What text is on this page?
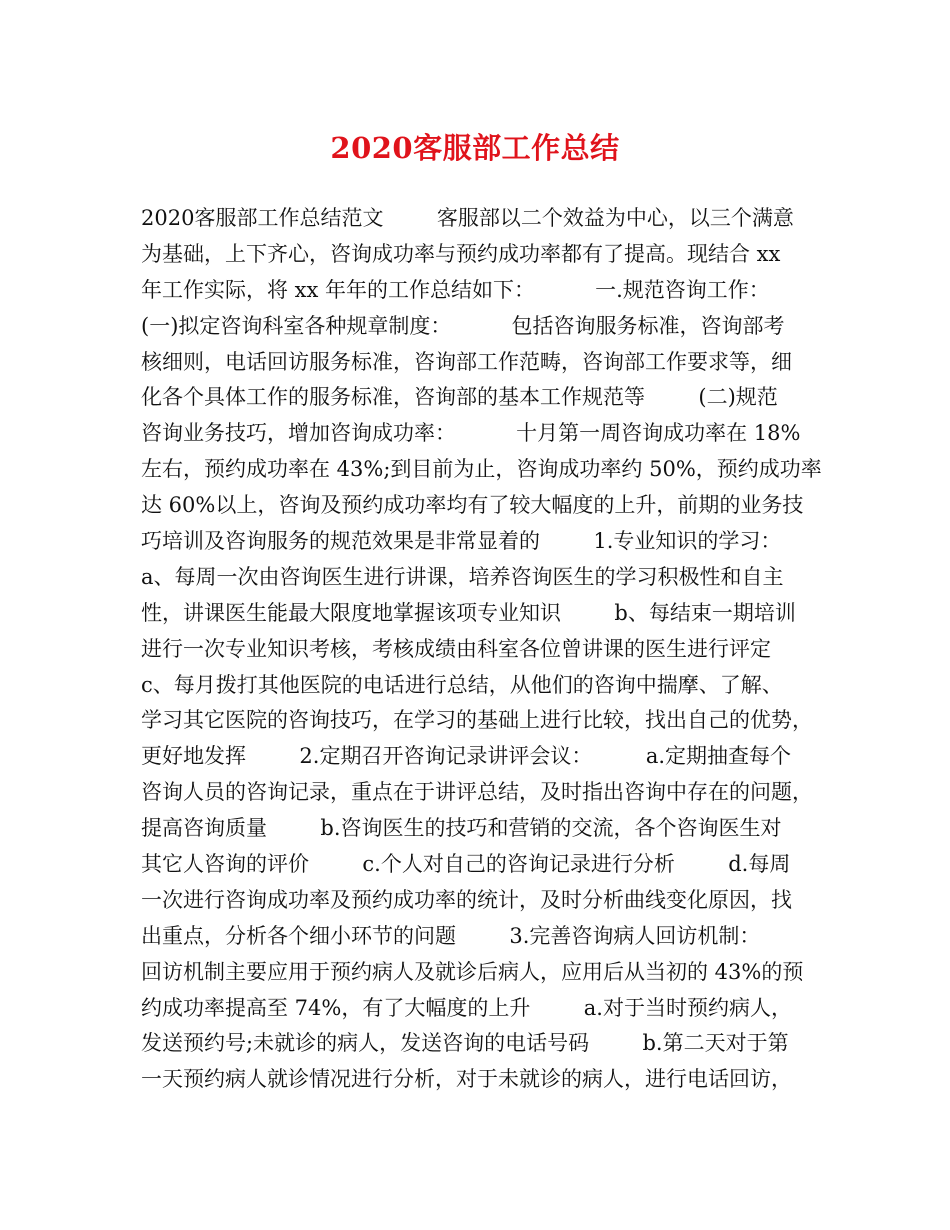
2020客服部工作总结
2020客服部工作总结范文        客服部以二个效益为中心，以三个满意
为基础，上下齐心，咨询成功率与预约成功率都有了提高。现结合 xx
年工作实际，将 xx 年年的工作总结如下：         一.规范咨询工作：
(一)拟定咨询科室各种规章制度：         包括咨询服务标准，咨询部考
核细则，电话回访服务标准，咨询部工作范畴，咨询部工作要求等，细
化各个具体工作的服务标准，咨询部的基本工作规范等        (二)规范
咨询业务技巧，增加咨询成功率：         十月第一周咨询成功率在 18%
左右，预约成功率在 43%;到目前为止，咨询成功率约 50%，预约成功率
达 60%以上，咨询及预约成功率均有了较大幅度的上升，前期的业务技
巧培训及咨询服务的规范效果是非常显着的        1.专业知识的学习：
a、每周一次由咨询医生进行讲课，培养咨询医生的学习积极性和自主
性，讲课医生能最大限度地掌握该项专业知识        b、每结束一期培训
进行一次专业知识考核，考核成绩由科室各位曾讲课的医生进行评定
c、每月拨打其他医院的电话进行总结，从他们的咨询中揣摩、了解、
学习其它医院的咨询技巧，在学习的基础上进行比较，找出自己的优势，
更好地发挥        2.定期召开咨询记录讲评会议：        a.定期抽查每个
咨询人员的咨询记录，重点在于讲评总结，及时指出咨询中存在的问题，
提高咨询质量        b.咨询医生的技巧和营销的交流，各个咨询医生对
其它人咨询的评价        c.个人对自己的咨询记录进行分析        d.每周
一次进行咨询成功率及预约成功率的统计，及时分析曲线变化原因，找
出重点，分析各个细小环节的问题        3.完善咨询病人回访机制：
回访机制主要应用于预约病人及就诊后病人，应用后从当初的 43%的预
约成功率提高至 74%，有了大幅度的上升        a.对于当时预约病人，
发送预约号;未就诊的病人，发送咨询的电话号码        b.第二天对于第
一天预约病人就诊情况进行分析，对于未就诊的病人，进行电话回访，
